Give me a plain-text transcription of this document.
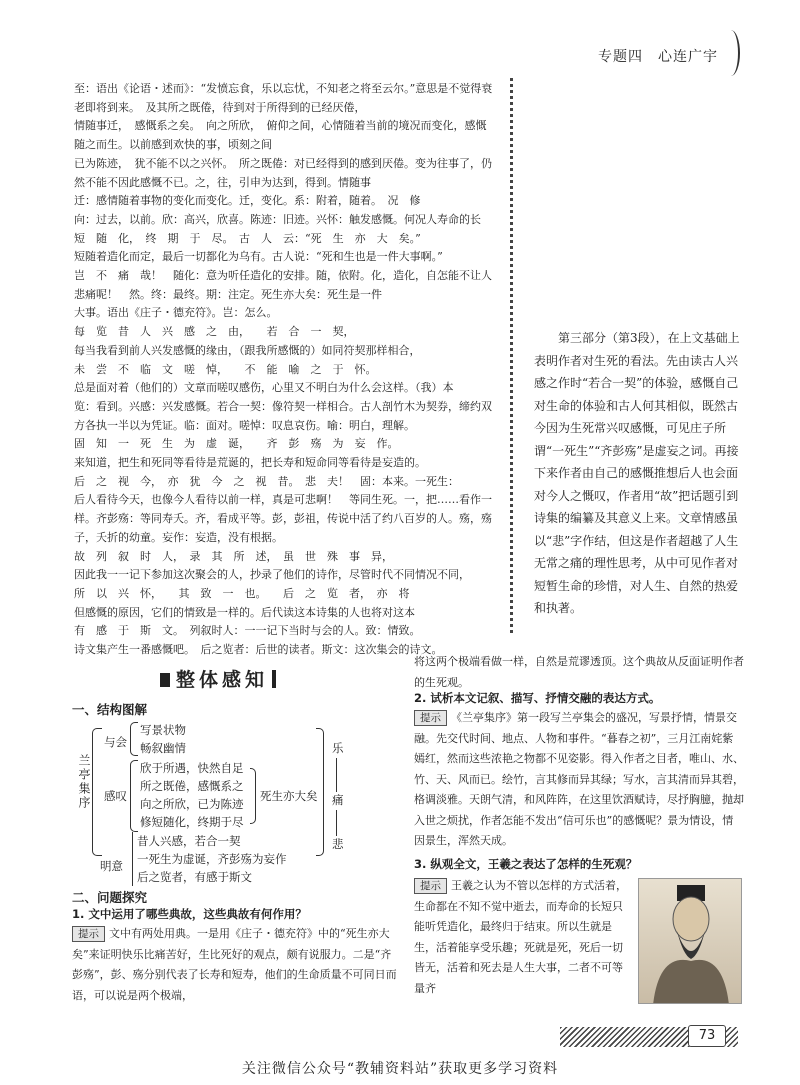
专题四　心连广宇

至：语出《论语・述而》：“发愤忘食，乐以忘忧，不知老之将至云尔。”意思是不觉得衰老即将到来。　及其所之既倦，待到对于所得到的已经厌倦，

情随事迁，　感慨系之矣。　向之所欣，　俯仰之间，心情随着当前的境况而变化，感慨随之而生。以前感到欢快的事，顷刻之间

已为陈迹，　犹不能不以之兴怀。　所之既倦：对已经得到的感到厌倦。变为往事了，仍然不能不因此感慨不已。之，往，引申为达到，得到。情随事

迁：感情随着事物的变化而变化。迁，变化。系：附着，随着。　况　修

向：过去，以前。欣：高兴，欣喜。陈迹：旧迹。兴怀：触发感慨。何况人寿命的长

短　随　化，　终　期　于　尽。　古　人　云：“死　生　亦　大　矣。”

短随着造化而定，最后一切都化为乌有。古人说：“死和生也是一件大事啊。”

岂　不　痛　哉！　随化：意为听任造化的安排。随，依附。化，造化，自怎能不让人悲痛呢！　然。终：最终。期：注定。死生亦大矣：死生是一件

大事。语出《庄子・德充符》。岂：怎么。

每　览　昔　人　兴　感　之　由，　　若　合　一　契，

每当我看到前人兴发感慨的缘由，（跟我所感慨的）如同符契那样相合，

未　尝　不　临　文　嗟　悼，　　不　能　喻　之　于　怀。

总是面对着（他们的）文章而嗟叹感伤，心里又不明白为什么会这样。（我）本

览：看到。兴感：兴发感慨。若合一契：像符契一样相合。古人剖竹木为契券，缔约双方各执一半以为凭证。临：面对。嗟悼：叹息哀伤。喻：明白，理解。

固　知　一　死　生　为　虚　诞，　　齐　彭　殇　为　妄　作。

来知道，把生和死同等看待是荒诞的，把长寿和短命同等看待是妄造的。

后　之　视　今，　亦　犹　今　之　视　昔。　悲　夫！　固：本来。一死生：

后人看待今天，也像今人看待以前一样，真是可悲啊！　等同生死。一，把……看作一样。齐彭殇：等同寿夭。齐，看成平等。彭，彭祖，传说中活了约八百岁的人。殇，殇子，夭折的幼童。妄作：妄造，没有根据。

故　列　叙　时　人，　录　其　所　述，　虽　世　殊　事　异，

因此我一一记下参加这次聚会的人，抄录了他们的诗作，尽管时代不同情况不同，

所　以　兴　怀，　　其　致　一　也。　　后　之　览　者，　亦　将

但感慨的原因，它们的情致是一样的。后代读这本诗集的人也将对这本

有　感　于　斯　文。　列叙时人：一一记下当时与会的人。致：情致。

诗文集产生一番感慨吧。　后之览者：后世的读者。斯文：这次集会的诗文。

第三部分（第3段），在上文基础上表明作者对生死的看法。先由读古人兴感之作时“若合一契”的体验，感慨自己对生命的体验和古人何其相似，既然古今因为生死常兴叹感慨，可见庄子所谓“一死生”“齐彭殇”是虚妄之词。再接下来作者由自己的感慨推想后人也会面对今人之慨叹，作者用“故”把话题引到诗集的编纂及其意义上来。文章情感虽以“悲”字作结，但这是作者超越了人生无常之痛的理性思考，从中可见作者对短暂生命的珍惜，对人生、自然的热爱和执著。
整体感知
一、结构图解
兰亭集序
与会
写景状物
畅叙幽情
感叹
欣于所遇，快然自足
所之既倦，感慨系之
向之所欣，已为陈迹
修短随化，终期于尽
死生亦大矣
乐
痛
悲
明意
昔人兴感，若合一契
一死生为虚诞，齐彭殇为妄作
后之览者，有感于斯文
二、问题探究
1. 文中运用了哪些典故，这些典故有何作用？
提示 文中有两处用典。一是用《庄子・德充符》中的“死生亦大矣”来证明快乐比痛苦好，生比死好的观点，颇有说服力。二是“齐彭殇”，彭、殇分别代表了长寿和短寿，他们的生命质量不可同日而语，可以说是两个极端，
将这两个极端看做一样，自然是荒谬透顶。这个典故从反面证明作者的生死观。
2. 试析本文记叙、描写、抒情交融的表达方式。
提示 《兰亭集序》第一段写兰亭集会的盛况，写景抒情，情景交融。先交代时间、地点、人物和事件。“暮春之初”，三月江南姹紫嫣红，然而这些浓艳之物都不见姿影。得入作者之目者，唯山、水、竹、天、风而已。绘竹，言其修而异其绿；写水，言其清而异其碧，格调淡雅。天朗气清，和风阵阵，在这里饮酒赋诗，尽抒胸臆，抛却入世之烦扰，作者怎能不发出“信可乐也”的感慨呢？景为情设，情因景生，浑然天成。
3. 纵观全文，王羲之表达了怎样的生死观？
提示 王羲之认为不管以怎样的方式活着，生命都在不知不觉中逝去，而寿命的长短只能听凭造化，最终归于结束。所以生就是生，活着能享受乐趣；死就是死，死后一切皆无，活着和死去是人生大事，二者不可等量齐
73
关注微信公众号“教辅资料站”获取更多学习资料
